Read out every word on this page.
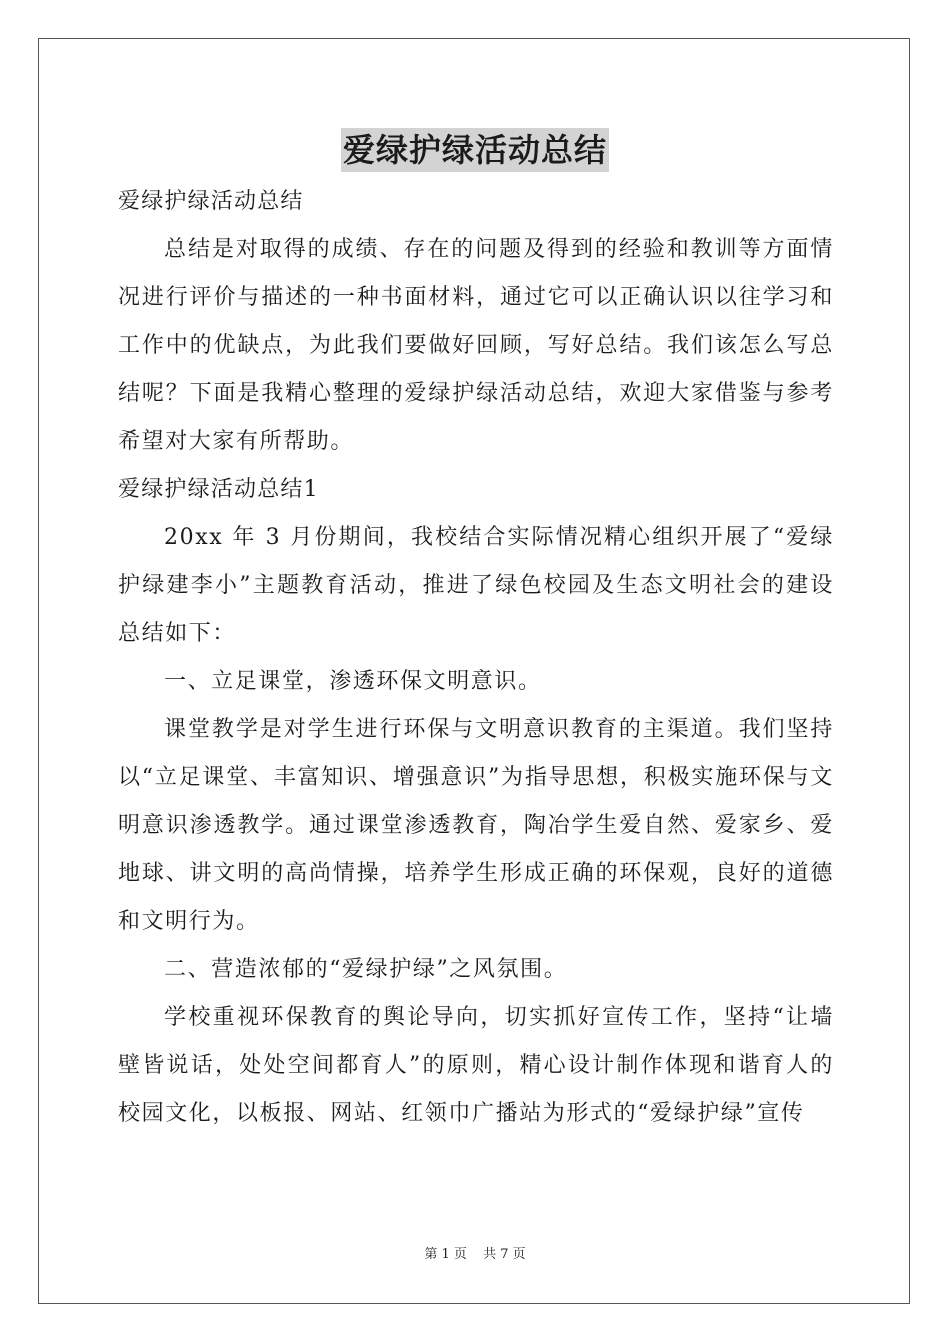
爱绿护绿活动总结

爱绿护绿活动总结

总结是对取得的成绩、存在的问题及得到的经验和教训等方面情况进行评价与描述的一种书面材料，通过它可以正确认识以往学习和工作中的优缺点，为此我们要做好回顾，写好总结。我们该怎么写总结呢？下面是我精心整理的爱绿护绿活动总结，欢迎大家借鉴与参考希望对大家有所帮助。

爱绿护绿活动总结1

20xx 年 3 月份期间，我校结合实际情况精心组织开展了“爱绿护绿建李小”主题教育活动，推进了绿色校园及生态文明社会的建设总结如下：

一、立足课堂，渗透环保文明意识。

课堂教学是对学生进行环保与文明意识教育的主渠道。我们坚持以“立足课堂、丰富知识、增强意识”为指导思想，积极实施环保与文明意识渗透教学。通过课堂渗透教育，陶冶学生爱自然、爱家乡、爱地球、讲文明的高尚情操，培养学生形成正确的环保观，良好的道德和文明行为。

二、营造浓郁的“爱绿护绿”之风氛围。

学校重视环保教育的舆论导向，切实抓好宣传工作，坚持“让墙壁皆说话，处处空间都育人”的原则，精心设计制作体现和谐育人的校园文化，以板报、网站、红领巾广播站为形式的“爱绿护绿”宣传

第 1 页 共 7 页
